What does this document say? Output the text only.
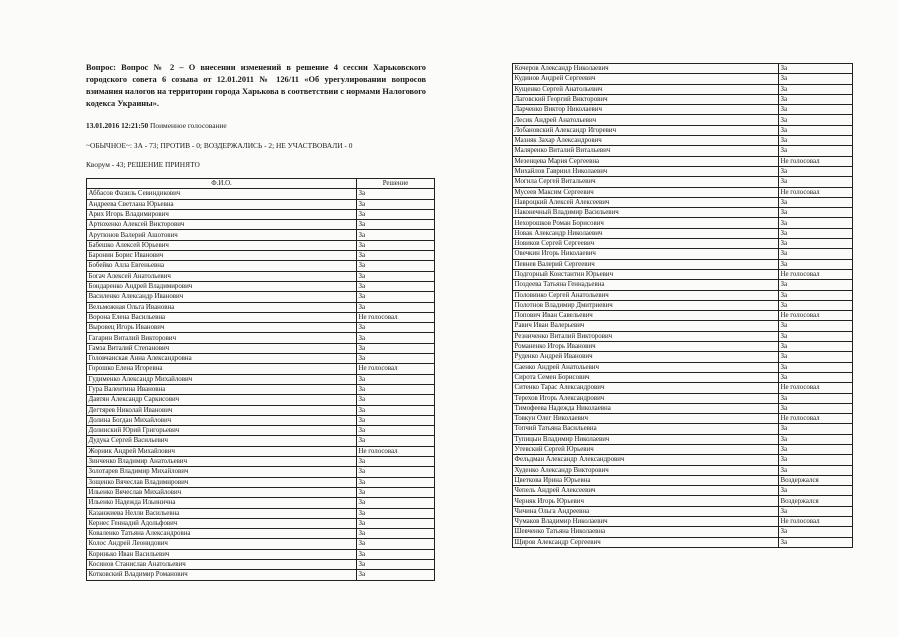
Вопрос: Вопрос № 2 – О внесении изменений в решение 4 сессии Харьковского городского совета 6 созыва от 12.01.2011 № 126/11 «Об урегулировании вопросов взимания налогов на территории города Харькова в соответствии с нормами Налогового кодекса Украины».
13.01.2016 12:21:50 Поименное голосование
~ОБЫЧНОЕ~: ЗА - 73; ПРОТИВ - 0; ВОЗДЕРЖАЛИСЬ - 2; НЕ УЧАСТВОВАЛИ - 0
Кворум - 43; РЕШЕНИЕ ПРИНЯТО
Ф.И.О.	Решение
Аббасов Фазиль Севиндикович	За
Андреева Светлана Юрьевна	За
Арих Игорь Владимирович	За
Артюхенко Алексей Викторович	За
Арутюнов Валерий Ашотович	За
Бабешко Алексей Юрьевич	За
Баронин Борис Иванович	За
Бобейко Алла Евгеньевна	За
Богач Алексей Анатольевич	За
Бондаренко Андрей Владимирович	За
Василенко Александр Иванович	За
Вельможная Ольга Ивановна	За
Ворона Елена Васильевна	Не голосовал
Выровец Игорь Иванович	За
Гагарин Виталий Викторович	За
Гамза Виталий Степанович	За
Головчанская Анна Александровна	За
Горошко Елена Игоревна	Не голосовал
Гудименко Александр Михайлович	За
Гура Валентина Ивановна	За
Давтян Александр Саркисович	За
Дегтярев Николай Иванович	За
Долина Богдан Михайлович	За
Долинский Юрий Григорьевич	За
Дудука Сергей Васильевич	За
Жорник Андрей Михайлович	Не голосовал
Зинченко Владимир Анатольевич	За
Золотарев Владимир Михайлович	За
Зощенко Вячеслав Владимирович	За
Ильенко Вячеслав Михайлович	За
Ильенко Надежда Ильинична	За
Казанжиева Нелли Васильевна	За
Кернес Геннадий Адольфович	За
Коваленко Татьяна Александровна	За
Колос Андрей Леонидович	За
Коринько Иван Васильевич	За
Косинов Станислав Анатольевич	За
Котковский Владимир Романович	За
Кочеров Александр Николаевич	За
Кудинов Андрей Сергеевич	За
Кущенко Сергей Анатольевич	За
Лаговский Георгий Викторович	За
Ларченко Виктор Николаевич	За
Лесик Андрей Анатольевич	За
Лобановский Александр Игоревич	За
Мазняк Захар Александрович	За
Маляренко Виталий Витальевич	За
Мезенцева Мария Сергеевна	Не голосовал
Михайлов Гавриил Николаевич	За
Могила Сергей Витальевич	За
Мусеев Максим Сергеевич	Не голосовал
Навроцкий Алексей Алексеевич	За
Наконечный Владимир Васильевич	За
Нехорошков Роман Борисович	За
Новак Александр Николаевич	За
Новиков Сергей Сергеевич	За
Овечкин Игорь Николаевич	За
Певнев Валерий Сергеевич	За
Подгорный Константин Юрьевич	Не голосовал
Поздеева Татьяна Геннадьевна	За
Половинко Сергей Анатольевич	За
Полотнов Владимир Дмитриевич	За
Попович Иван Савельевич	Не голосовал
Равич Иван Валерьевич	За
Резниченко Виталий Викторович	За
Романенко Игорь Иванович	За
Руденко Андрей Иванович	За
Саенко Андрей Анатольевич	За
Сирота Семен Борисович	За
Ситенко Тарас Александрович	Не голосовал
Терехов Игорь Александрович	За
Тимофеева Надежда Николаевна	За
Товкун Олег Николаевич	Не голосовал
Топчий Татьяна Васильевна	За
Тупицын Владимир Николаевич	За
Утевский Сергей Юрьевич	За
Фельдман Александр Александрович	За
Худенко Александр Викторович	За
Цветкова Ирина Юрьевна	Воздержался
Чепель Андрей Алексеевич	За
Черняк Игорь Юрьевич	Воздержался
Чичина Ольга Андреевна	За
Чумаков Владимир Николаевич	Не голосовал
Шевченко Татьяна Николаевна	За
Щиров Александр Сергеевич	За
